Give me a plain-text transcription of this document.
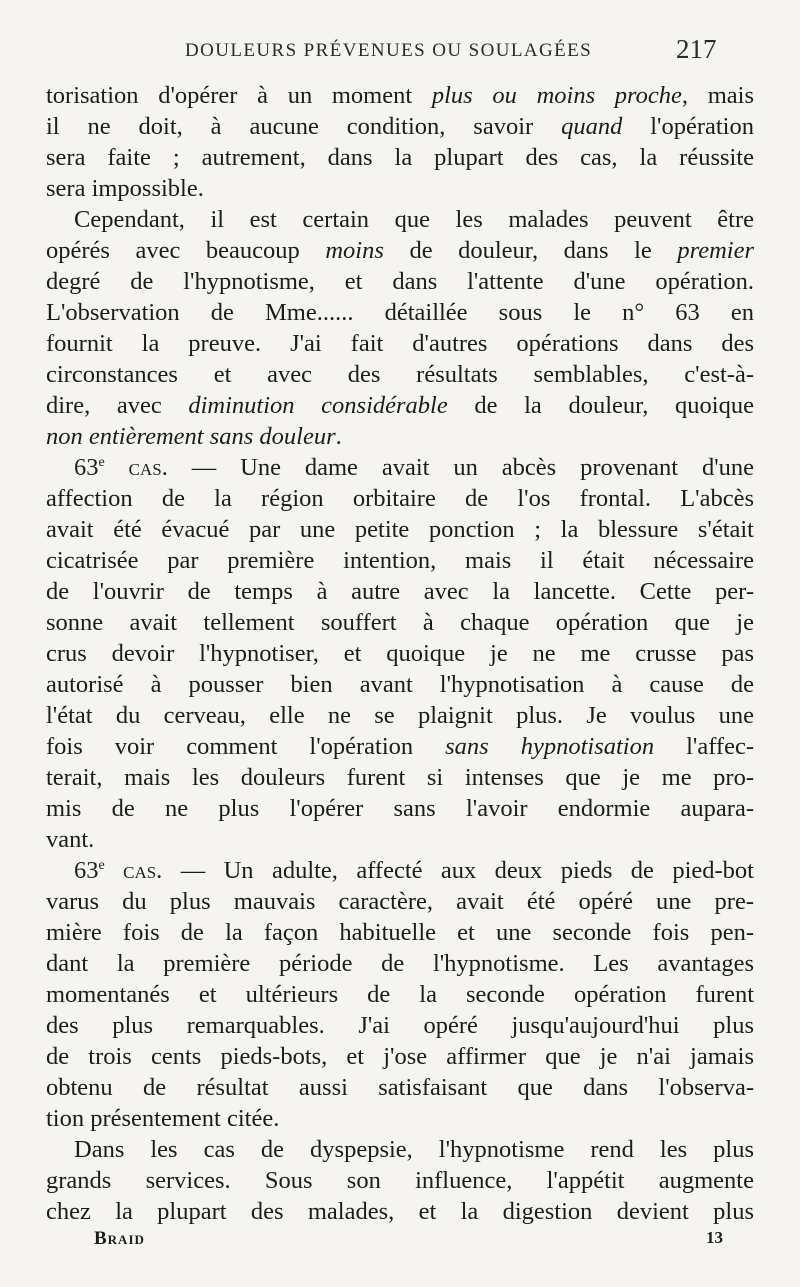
DOULEURS PRÉVENUES OU SOULAGÉES	217

torisation d'opérer à un moment plus ou moins proche, mais
il ne doit, à aucune condition, savoir quand l'opération
sera faite ; autrement, dans la plupart des cas, la réussite
sera impossible.

Cependant, il est certain que les malades peuvent être
opérés avec beaucoup moins de douleur, dans le premier
degré de l'hypnotisme, et dans l'attente d'une opération.
L'observation de Mme...... détaillée sous le n° 63 en
fournit la preuve. J'ai fait d'autres opérations dans des
circonstances et avec des résultats semblables, c'est-à-
dire, avec diminution considérable de la douleur, quoique
non entièrement sans douleur.

63e cas. — Une dame avait un abcès provenant d'une
affection de la région orbitaire de l'os frontal. L'abcès
avait été évacué par une petite ponction ; la blessure s'était
cicatrisée par première intention, mais il était nécessaire
de l'ouvrir de temps à autre avec la lancette. Cette per-
sonne avait tellement souffert à chaque opération que je
crus devoir l'hypnotiser, et quoique je ne me crusse pas
autorisé à pousser bien avant l'hypnotisation à cause de
l'état du cerveau, elle ne se plaignit plus. Je voulus une
fois voir comment l'opération sans hypnotisation l'affec-
terait, mais les douleurs furent si intenses que je me pro-
mis de ne plus l'opérer sans l'avoir endormie aupara-
vant.

63e cas. — Un adulte, affecté aux deux pieds de pied-bot
varus du plus mauvais caractère, avait été opéré une pre-
mière fois de la façon habituelle et une seconde fois pen-
dant la première période de l'hypnotisme. Les avantages
momentanés et ultérieurs de la seconde opération furent
des plus remarquables. J'ai opéré jusqu'aujourd'hui plus
de trois cents pieds-bots, et j'ose affirmer que je n'ai jamais
obtenu de résultat aussi satisfaisant que dans l'observa-
tion présentement citée.

Dans les cas de dyspepsie, l'hypnotisme rend les plus
grands services. Sous son influence, l'appétit augmente
chez la plupart des malades, et la digestion devient plus

Braid	13
